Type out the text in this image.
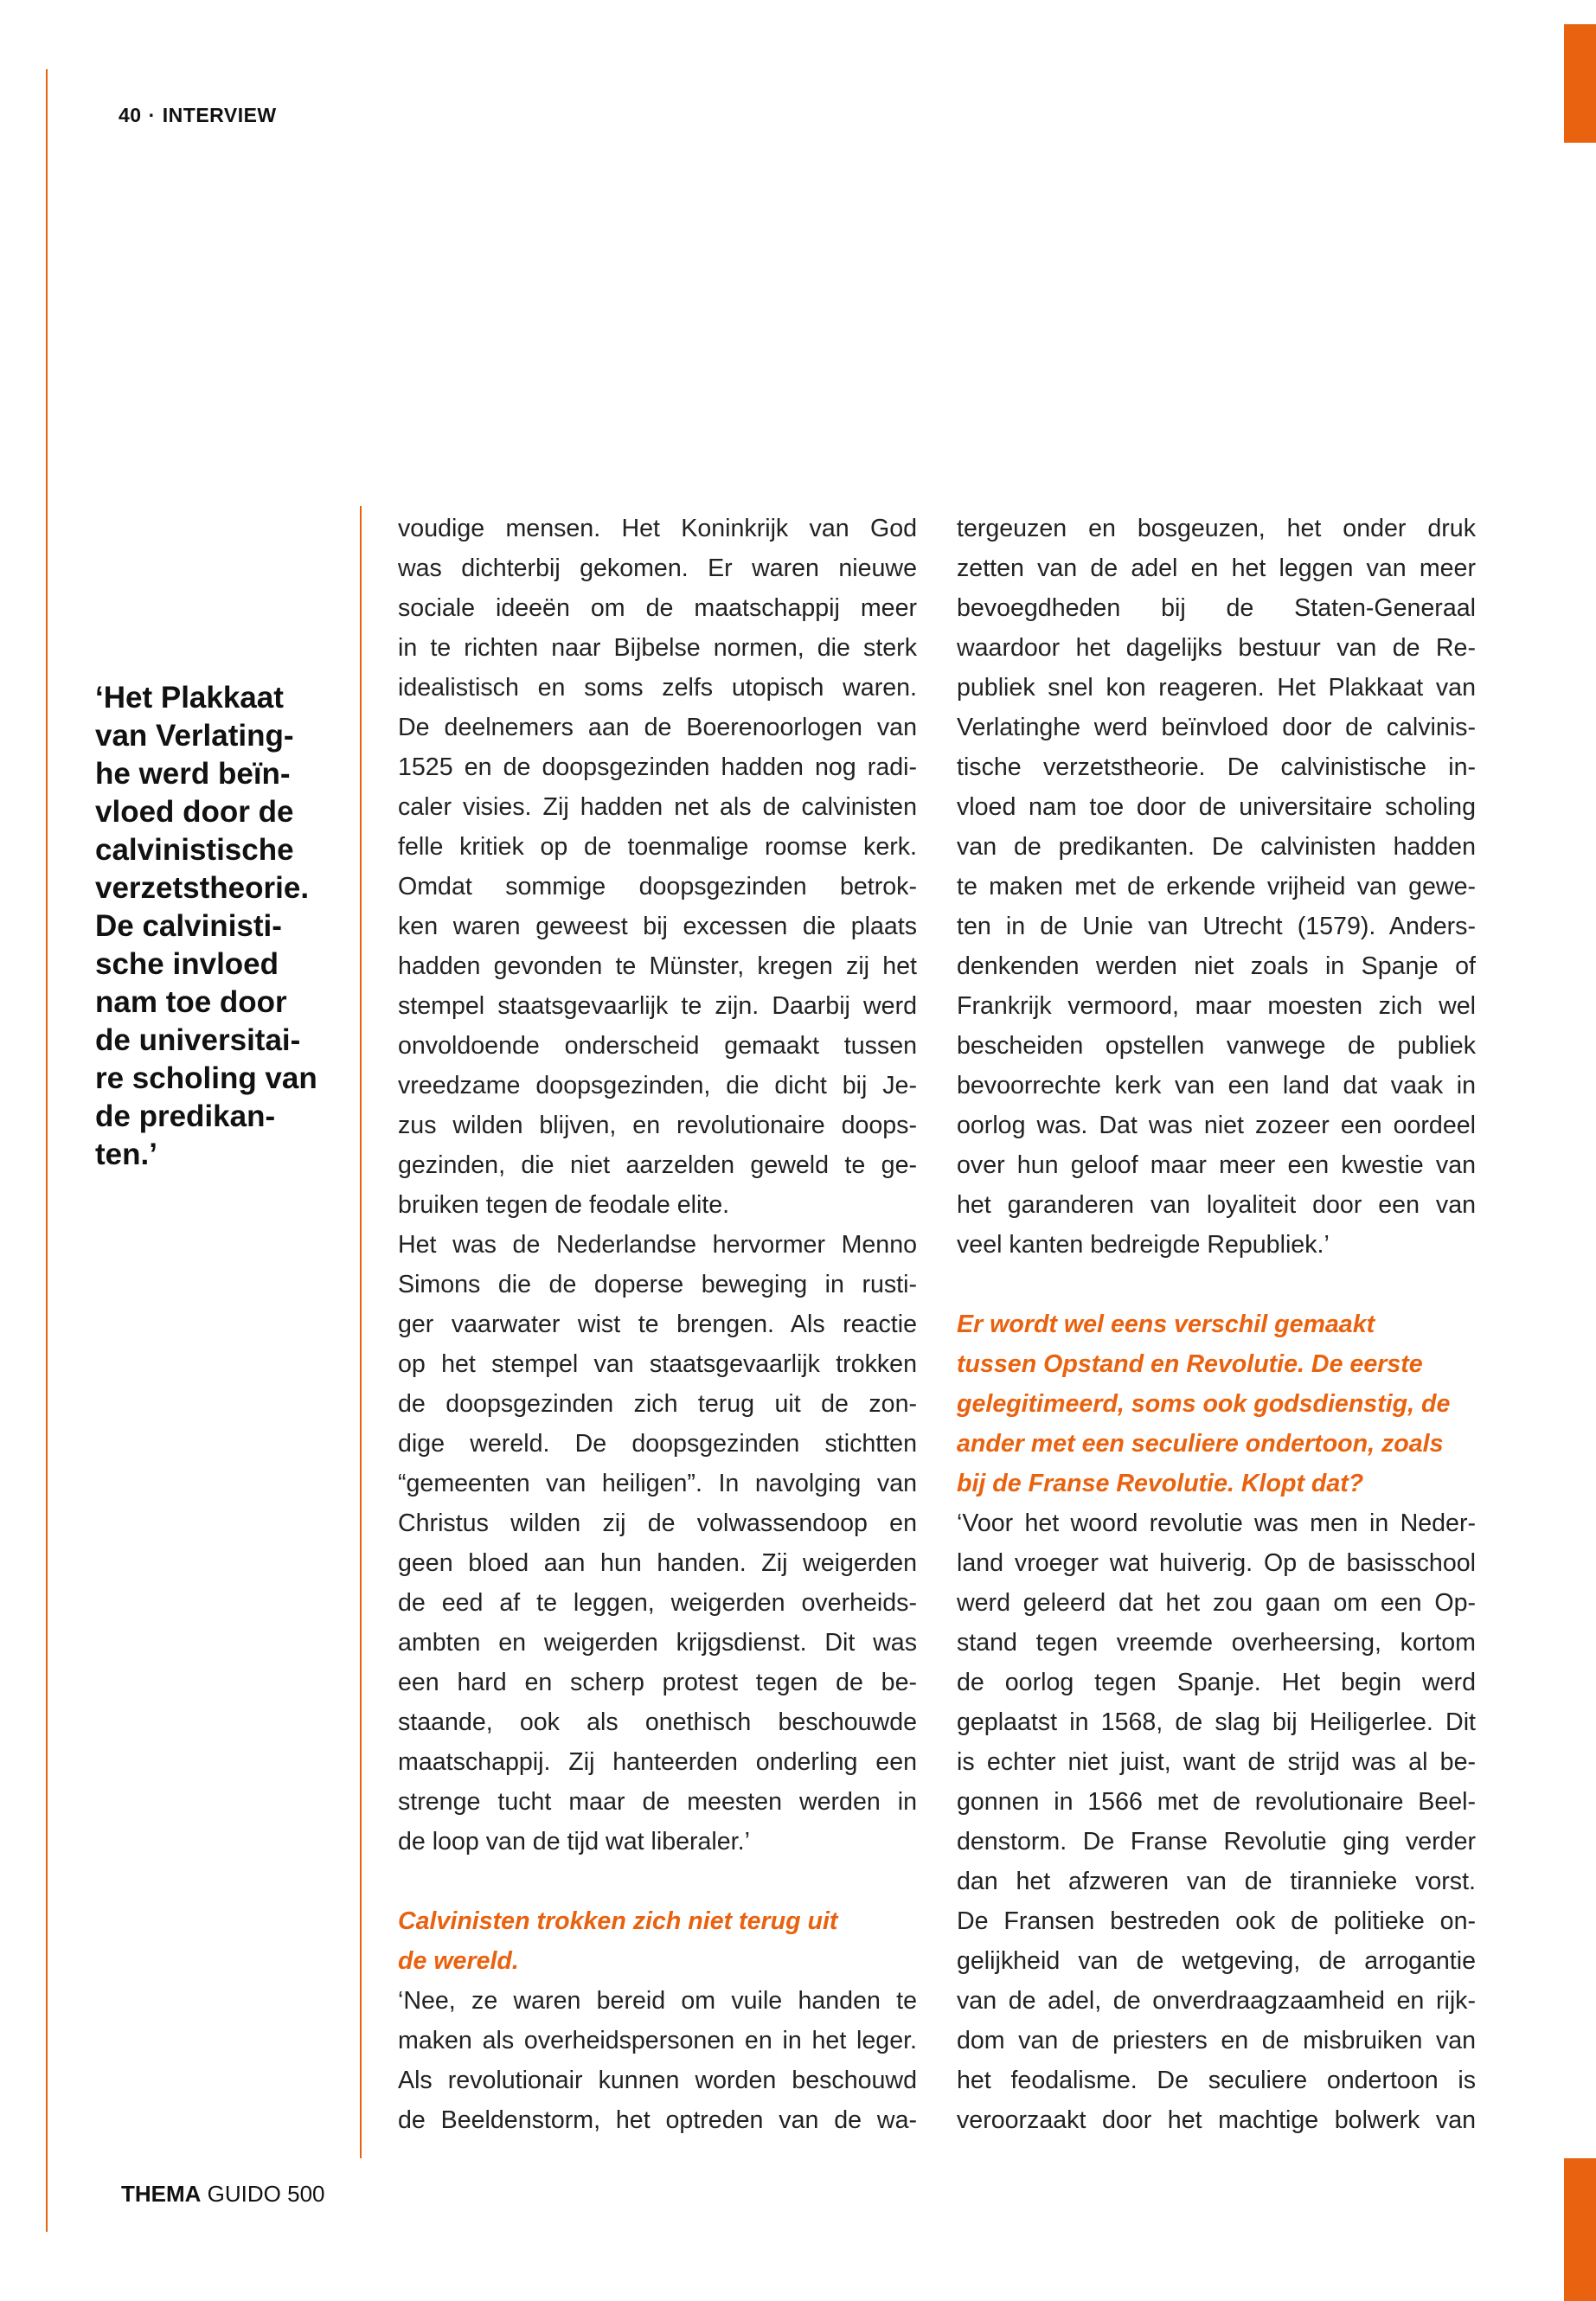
40 · INTERVIEW
‘Het Plakkaat
van Verlating-
he werd beïn-
vloed door de
calvinistische
verzetstheorie.
De calvinisti-
sche invloed
nam toe door
de universitai-
re scholing van
de predikan-
ten.’
voudige mensen. Het Koninkrijk van God
was dichterbij gekomen. Er waren nieuwe
sociale ideeën om de maatschappij meer
in te richten naar Bijbelse normen, die sterk
idealistisch en soms zelfs utopisch waren.
De deelnemers aan de Boerenoorlogen van
1525 en de doopsgezinden hadden nog radi-
caler visies. Zij hadden net als de calvinisten
felle kritiek op de toenmalige roomse kerk.
Omdat sommige doopsgezinden betrok-
ken waren geweest bij excessen die plaats
hadden gevonden te Münster, kregen zij het
stempel staatsgevaarlijk te zijn. Daarbij werd
onvoldoende onderscheid gemaakt tussen
vreedzame doopsgezinden, die dicht bij Je-
zus wilden blijven, en revolutionaire doops-
gezinden, die niet aarzelden geweld te ge-
bruiken tegen de feodale elite.
Het was de Nederlandse hervormer Menno
Simons die de doperse beweging in rusti-
ger vaarwater wist te brengen. Als reactie
op het stempel van staatsgevaarlijk trokken
de doopsgezinden zich terug uit de zon-
dige wereld. De doopsgezinden stichtten
“gemeenten van heiligen”. In navolging van
Christus wilden zij de volwassendoop en
geen bloed aan hun handen. Zij weigerden
de eed af te leggen, weigerden overheids-
ambten en weigerden krijgsdienst. Dit was
een hard en scherp protest tegen de be-
staande, ook als onethisch beschouwde
maatschappij. Zij hanteerden onderling een
strenge tucht maar de meesten werden in
de loop van de tijd wat liberaler.’
Calvinisten trokken zich niet terug uit
de wereld.
‘Nee, ze waren bereid om vuile handen te
maken als overheidspersonen en in het leger.
Als revolutionair kunnen worden beschouwd
de Beeldenstorm, het optreden van de wa-
tergeuzen en bosgeuzen, het onder druk
zetten van de adel en het leggen van meer
bevoegdheden bij de Staten-Generaal
waardoor het dagelijks bestuur van de Re-
publiek snel kon reageren. Het Plakkaat van
Verlatinghe werd beïnvloed door de calvinis-
tische verzetstheorie. De calvinistische in-
vloed nam toe door de universitaire scholing
van de predikanten. De calvinisten hadden
te maken met de erkende vrijheid van gewe-
ten in de Unie van Utrecht (1579). Anders-
denkenden werden niet zoals in Spanje of
Frankrijk vermoord, maar moesten zich wel
bescheiden opstellen vanwege de publiek
bevoorrechte kerk van een land dat vaak in
oorlog was. Dat was niet zozeer een oordeel
over hun geloof maar meer een kwestie van
het garanderen van loyaliteit door een van
veel kanten bedreigde Republiek.’
Er wordt wel eens verschil gemaakt
tussen Opstand en Revolutie. De eerste
gelegitimeerd, soms ook godsdienstig, de
ander met een seculiere ondertoon, zoals
bij de Franse Revolutie. Klopt dat?
‘Voor het woord revolutie was men in Neder-
land vroeger wat huiverig. Op de basisschool
werd geleerd dat het zou gaan om een Op-
stand tegen vreemde overheersing, kortom
de oorlog tegen Spanje. Het begin werd
geplaatst in 1568, de slag bij Heiligerlee. Dit
is echter niet juist, want de strijd was al be-
gonnen in 1566 met de revolutionaire Beel-
denstorm. De Franse Revolutie ging verder
dan het afzweren van de tirannieke vorst.
De Fransen bestreden ook de politieke on-
gelijkheid van de wetgeving, de arrogantie
van de adel, de onverdraagzaamheid en rijk-
dom van de priesters en de misbruiken van
het feodalisme. De seculiere ondertoon is
veroorzaakt door het machtige bolwerk van
THEMA GUIDO 500
